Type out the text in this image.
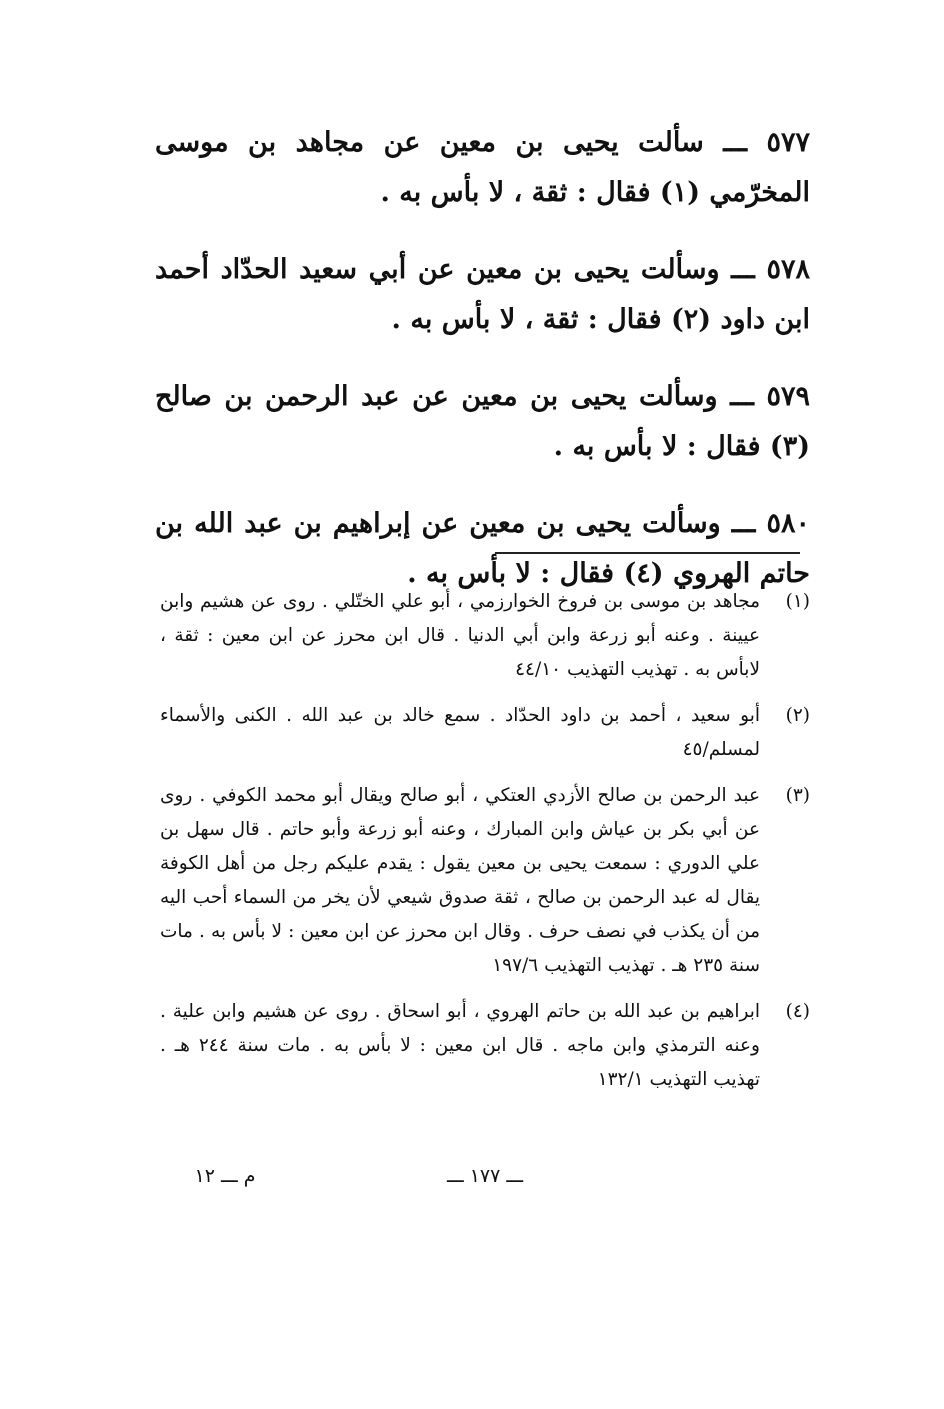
٥٧٧ ـــ سألت يحيى بن معين عن مجاهد بن موسى المخرّمي (١) فقال : ثقة ، لا بأس به .

٥٧٨ ـــ وسألت يحيى بن معين عن أبي سعيد الحدّاد أحمد ابن داود (٢) فقال : ثقة ، لا بأس به .

٥٧٩ ـــ وسألت يحيى بن معين عن عبد الرحمن بن صالح (٣) فقال : لا بأس به .

٥٨٠ ـــ وسألت يحيى بن معين عن إبراهيم بن عبد الله بن حاتم الهروي (٤) فقال : لا بأس به .

(١)
مجاهد بن موسى بن فروخ الخوارزمي ، أبو علي الختّلي . روى عن هشيم وابن عيينة . وعنه أبو زرعة وابن أبي الدنيا . قال ابن محرز عن ابن معين : ثقة ، لابأس به . تهذيب التهذيب ٤٤/١٠
(٢)
أبو سعيد ، أحمد بن داود الحدّاد . سمع خالد بن عبد الله . الكنى والأسماء لمسلم/٤٥
(٣)
عبد الرحمن بن صالح الأزدي العتكي ، أبو صالح ويقال أبو محمد الكوفي . روى عن أبي بكر بن عياش وابن المبارك ، وعنه أبو زرعة وأبو حاتم . قال سهل بن علي الدوري : سمعت يحيى بن معين يقول : يقدم عليكم رجل من أهل الكوفة يقال له عبد الرحمن بن صالح ، ثقة صدوق شيعي لأن يخر من السماء أحب اليه من أن يكذب في نصف حرف . وقال ابن محرز عن ابن معين : لا بأس به . مات سنة ٢٣٥ هـ . تهذيب التهذيب ١٩٧/٦
(٤)
ابراهيم بن عبد الله بن حاتم الهروي ، أبو اسحاق . روى عن هشيم وابن علية . وعنه الترمذي وابن ماجه . قال ابن معين : لا بأس به . مات سنة ٢٤٤ هـ . تهذيب التهذيب ١٣٢/١
ـــ ١٧٧ ـــ
م ـــ ١٢
